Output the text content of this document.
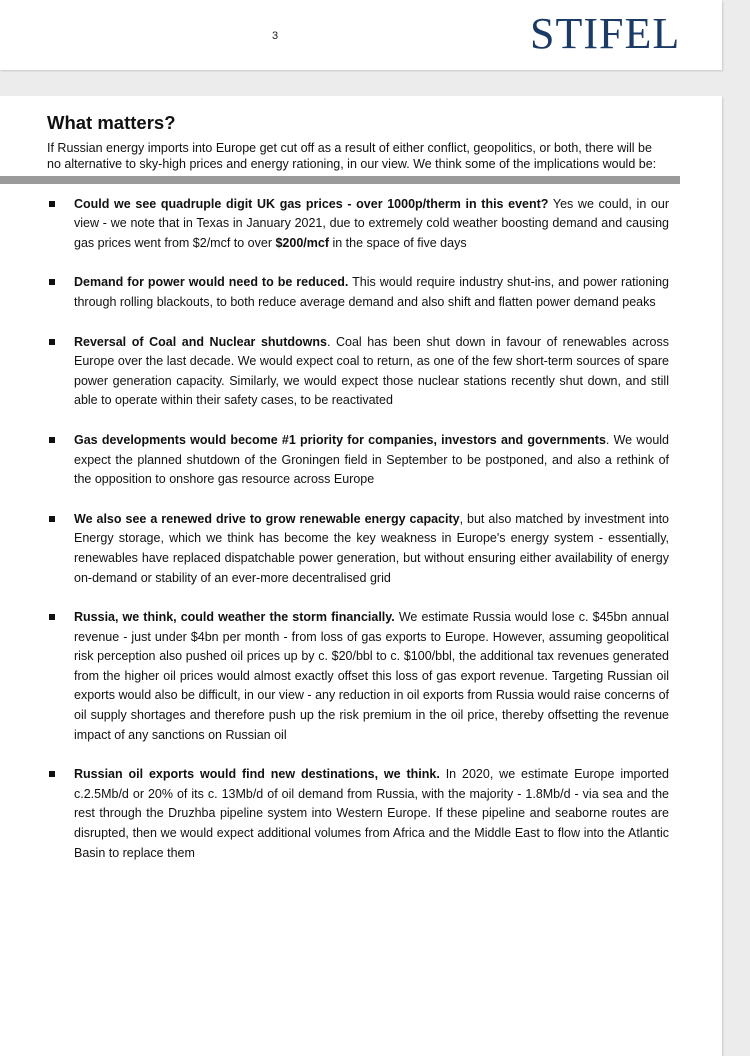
3	STIFEL
What matters?

If Russian energy imports into Europe get cut off as a result of either conflict, geopolitics, or both, there will be no alternative to sky-high prices and energy rationing, in our view. We think some of the implications would be:

Could we see quadruple digit UK gas prices - over 1000p/therm in this event? Yes we could, in our view - we note that in Texas in January 2021, due to extremely cold weather boosting demand and causing gas prices went from $2/mcf to over $200/mcf in the space of five days
Demand for power would need to be reduced. This would require industry shut-ins, and power rationing through rolling blackouts, to both reduce average demand and also shift and flatten power demand peaks
Reversal of Coal and Nuclear shutdowns. Coal has been shut down in favour of renewables across Europe over the last decade. We would expect coal to return, as one of the few short-term sources of spare power generation capacity. Similarly, we would expect those nuclear stations recently shut down, and still able to operate within their safety cases, to be reactivated
Gas developments would become #1 priority for companies, investors and governments. We would expect the planned shutdown of the Groningen field in September to be postponed, and also a rethink of the opposition to onshore gas resource across Europe
We also see a renewed drive to grow renewable energy capacity, but also matched by investment into Energy storage, which we think has become the key weakness in Europe's energy system - essentially, renewables have replaced dispatchable power generation, but without ensuring either availability of energy on-demand or stability of an ever-more decentralised grid
Russia, we think, could weather the storm financially. We estimate Russia would lose c. $45bn annual revenue - just under $4bn per month - from loss of gas exports to Europe. However, assuming geopolitical risk perception also pushed oil prices up by c. $20/bbl to c. $100/bbl, the additional tax revenues generated from the higher oil prices would almost exactly offset this loss of gas export revenue. Targeting Russian oil exports would also be difficult, in our view - any reduction in oil exports from Russia would raise concerns of oil supply shortages and therefore push up the risk premium in the oil price, thereby offsetting the revenue impact of any sanctions on Russian oil
Russian oil exports would find new destinations, we think. In 2020, we estimate Europe imported c.2.5Mb/d or 20% of its c. 13Mb/d of oil demand from Russia, with the majority - 1.8Mb/d - via sea and the rest through the Druzhba pipeline system into Western Europe. If these pipeline and seaborne routes are disrupted, then we would expect additional volumes from Africa and the Middle East to flow into the Atlantic Basin to replace them
